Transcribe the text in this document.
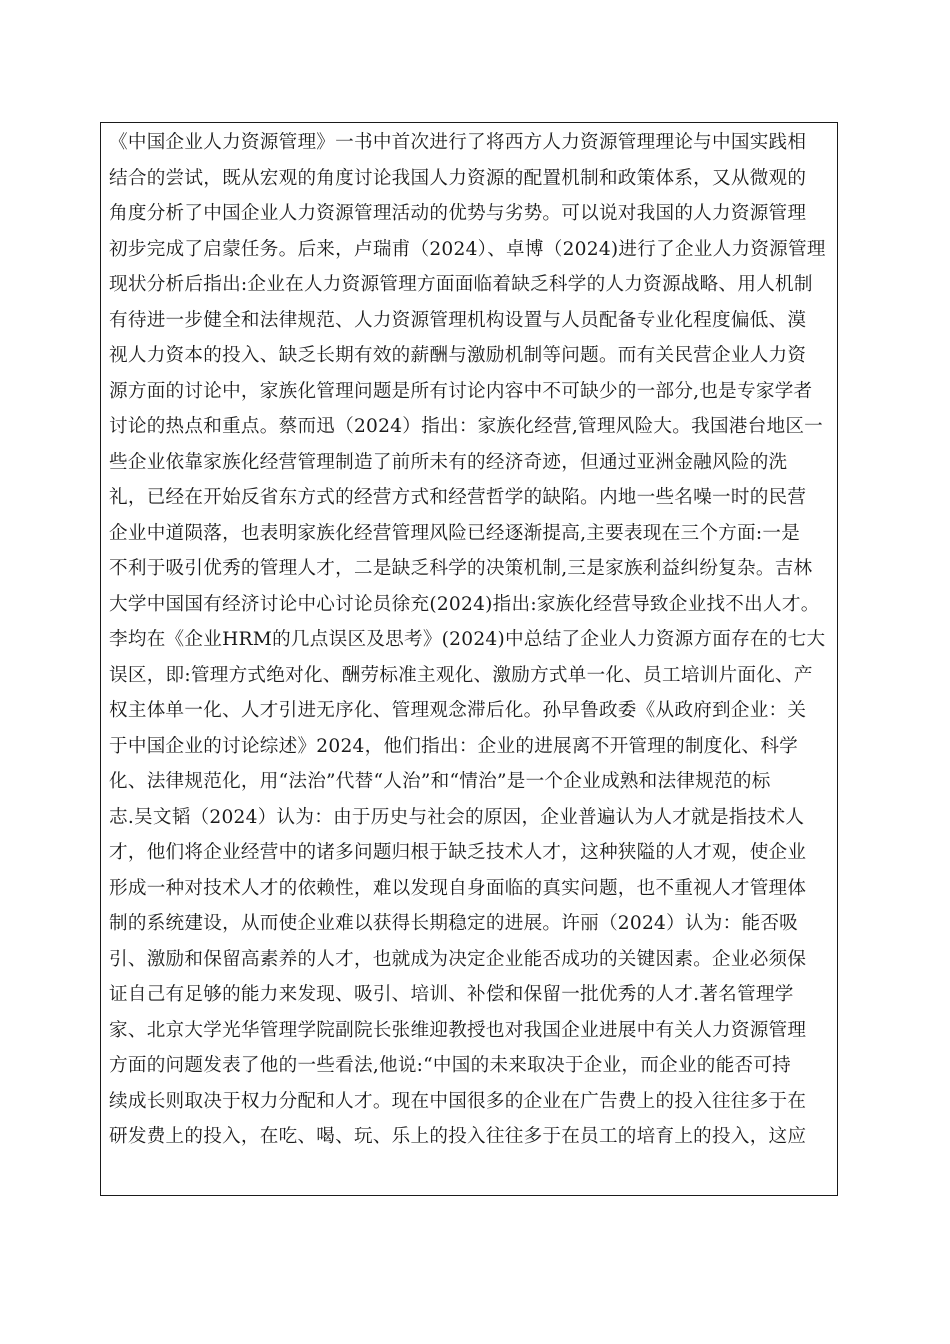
《中国企业人力资源管理》一书中首次进行了将西方人力资源管理理论与中国实践相
结合的尝试，既从宏观的角度讨论我国人力资源的配置机制和政策体系，又从微观的
角度分析了中国企业人力资源管理活动的优势与劣势。可以说对我国的人力资源管理
初步完成了启蒙任务。后来，卢瑞甫（2024）、卓博（2024)进行了企业人力资源管理
现状分析后指出:企业在人力资源管理方面面临着缺乏科学的人力资源战略、用人机制
有待进一步健全和法律规范、人力资源管理机构设置与人员配备专业化程度偏低、漠
视人力资本的投入、缺乏长期有效的薪酬与激励机制等问题。而有关民营企业人力资
源方面的讨论中，家族化管理问题是所有讨论内容中不可缺少的一部分,也是专家学者
讨论的热点和重点。蔡而迅（2024）指出：家族化经营,管理风险大。我国港台地区一
些企业依靠家族化经营管理制造了前所未有的经济奇迹，但通过亚洲金融风险的洗
礼，已经在开始反省东方式的经营方式和经营哲学的缺陷。内地一些名噪一时的民营
企业中道陨落，也表明家族化经营管理风险已经逐渐提高,主要表现在三个方面:一是
不利于吸引优秀的管理人才，二是缺乏科学的决策机制,三是家族利益纠纷复杂。吉林
大学中国国有经济讨论中心讨论员徐充(2024)指出:家族化经营导致企业找不出人才。
李均在《企业HRM的几点误区及思考》(2024)中总结了企业人力资源方面存在的七大
误区，即:管理方式绝对化、酬劳标准主观化、激励方式单一化、员工培训片面化、产
权主体单一化、人才引进无序化、管理观念滞后化。孙早鲁政委《从政府到企业：关
于中国企业的讨论综述》2024，他们指出：企业的进展离不开管理的制度化、科学
化、法律规范化，用“法治”代替“人治”和“情治”是一个企业成熟和法律规范的标
志.吴文韬（2024）认为：由于历史与社会的原因，企业普遍认为人才就是指技术人
才，他们将企业经营中的诸多问题归根于缺乏技术人才，这种狭隘的人才观，使企业
形成一种对技术人才的依赖性，难以发现自身面临的真实问题，也不重视人才管理体
制的系统建设，从而使企业难以获得长期稳定的进展。许丽（2024）认为：能否吸
引、激励和保留高素养的人才，也就成为决定企业能否成功的关键因素。企业必须保
证自己有足够的能力来发现、吸引、培训、补偿和保留一批优秀的人才.著名管理学
家、北京大学光华管理学院副院长张维迎教授也对我国企业进展中有关人力资源管理
方面的问题发表了他的一些看法,他说:“中国的未来取决于企业，而企业的能否可持
续成长则取决于权力分配和人才。现在中国很多的企业在广告费上的投入往往多于在
研发费上的投入，在吃、喝、玩、乐上的投入往往多于在员工的培育上的投入，这应
